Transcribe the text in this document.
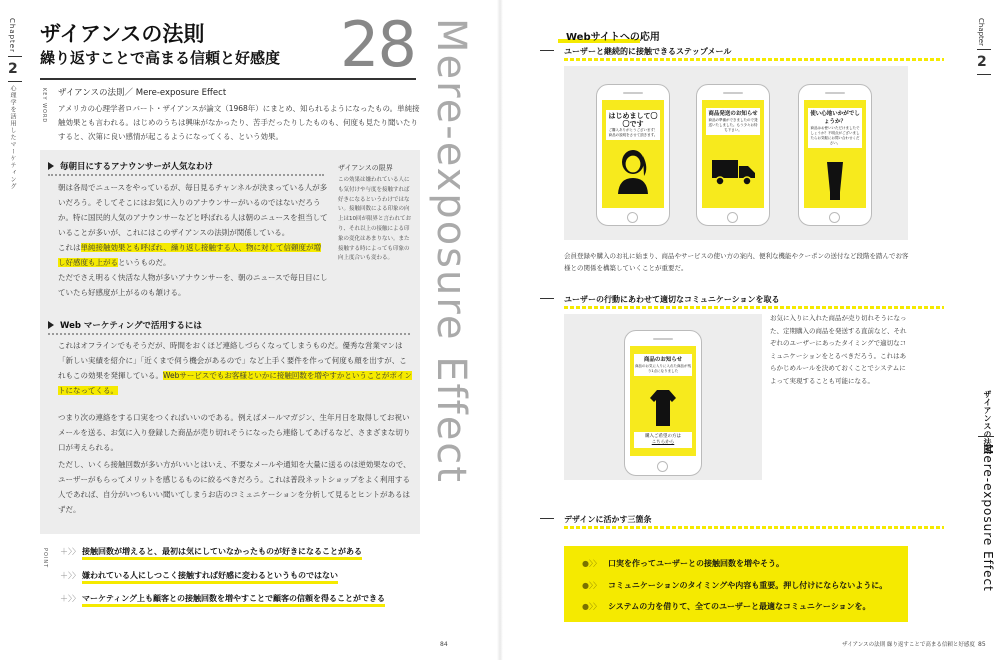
Chapter
2
心理学を活用したマーケティング
ザイアンスの法則
繰り返すことで高まる信頼と好感度 28 Mere-exposure Effect
KEY WORD ザイアンスの法則／ Mere-exposure Effect
アメリカの心理学者ロバート・ザイアンスが論文（1968年）にまとめ、知られるようになったもの。単純接触効果とも言われる。はじめのうちは興味がなかったり、苦手だったりしたものも、何度も見たり聞いたりすると、次第に良い感情が起こるようになってくる、という効果。
毎朝目にするアナウンサーが人気なわけ
朝は各局でニュースをやっているが、毎日見るチャンネルが決まっている人が多いだろう。そしてそこにはお気に入りのアナウンサーがいるのではないだろうか。特に国民的人気のアナウンサーなどと呼ばれる人は朝のニュースを担当していることが多いが、これにはこのザイアンスの法則が関係している。
これは単純接触効果とも呼ばれ、繰り返し接触する人、物に対して信頼度が増し好感度も上がるというものだ。
ただでさえ明るく快活な人物が多いアナウンサーを、朝のニュースで毎日目にしていたら好感度が上がるのも頷ける。
ザイアンスの限界
この効果は嫌われている人にも気付けや与度を接触すれば好きになるというわけではない。接触回数による印象の向上は10回が限界と言われており、それ以上の接触による印象の変化はあまりない。また接触する時によっても印象の向上度合いも変わる。
Web マーケティングで活用するには
これはオフラインでもそうだが、時間をおくほど連絡しづらくなってしまうものだ。優秀な営業マンは「新しい実績を紹介に」「近くまで伺う機会があるので」など上手く要件を作って何度も顔を出すが、これもこの効果を発揮している。Webサービスでもお客様といかに接触回数を増やすかということがポイントになってくる。
つまり次の連絡をする口実をつくればいいのである。例えばメールマガジン、生年月日を取得してお祝いメールを送る、お気に入り登録した商品が売り切れそうになったら連絡してあげるなど、さまざまな切り口が考えられる。
ただし、いくら接触回数が多い方がいいとはいえ、不要なメールや通知を大量に送るのは逆効果なので、ユーザーがもらってメリットを感じるものに絞るべきだろう。これは普段ネットショップをよく利用する人であれば、自分がいつもいい聞いてしまうお店のコミュニケーションを分析して見るとヒントがあるはずだ。
POINT ＋〉〉 接触回数が増えると、最初は気にしていなかったものが好きになることがある
＋〉〉 嫌われている人にしつこく接触すれば好感に変わるというものではない
＋〉〉 マーケティング上も顧客との接触回数を増やすことで顧客の信頼を得ることができる
84
Webサイトへの応用
ユーザーと継続的に接触できるステップメール
はじめまして〇〇です
ご購入ありがとうございます！商品の説明をさせて頂きます。
商品発送のお知らせ
商品の準備ができましたので発送いたしました。もう少々お待ち下さい。
使い心地いかがでしょうか？
商品はお使いいただけましたでしょうか？不明点がございましたらお気軽にお問い合わせください。
会員登録や購入のお礼に始まり、商品やサービスの使い方の案内、便利な機能やクーポンの送付など段階を踏んでお客様との関係を構築していくことが重要だ。
ユーザーの行動にあわせて適切なコミュニケーションを取る
商品のお知らせ
商品のお気に入りに入れた商品が残り1点になりました
購入ご希望の方は
こちらから
お気に入りに入れた商品が売り切れそうになった、定期購入の商品を発送する直前など、それぞれのユーザーにあったタイミングで適切なコミュニケーションをとるべきだろう。これはあらかじめルールを決めておくことでシステムによって実現することも可能になる。
デザインに活かす三箇条
●〉〉 口実を作ってユーザーとの接触回数を増やそう。
●〉〉 コミュニケーションのタイミングや内容も重要。押し付けにならないように。
●〉〉 システムの力を借りて、全てのユーザーと最適なコミュニケーションを。
Chapter
2
ザイアンスの法則
Mere-exposure Effect
ザイアンスの法則 繰り返すことで高まる信頼と好感度 85
